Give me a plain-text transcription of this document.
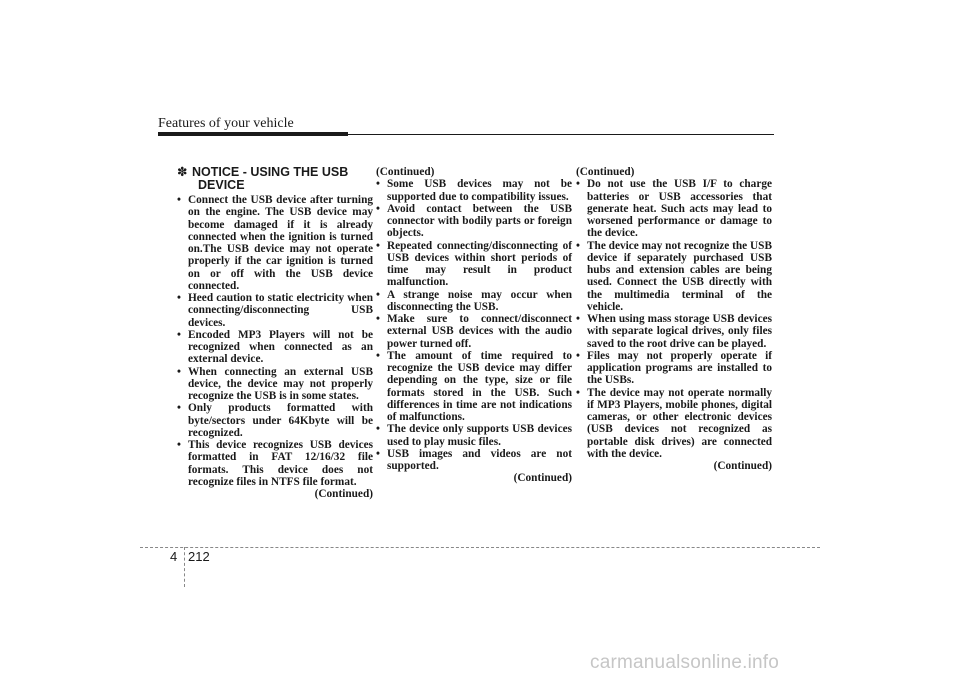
Features of your vehicle
✽ NOTICE - USING THE USB
DEVICE
• Connect the USB device after turning on the engine. The USB device may become damaged if it is already connected when the ignition is turned on.The USB device may not operate properly if the car ignition is turned on or off with the USB device connected.
• Heed caution to static electricity when connecting/disconnecting USB devices.
• Encoded MP3 Players will not be recognized when connected as an external device.
• When connecting an external USB device, the device may not properly recognize the USB is in some states.
• Only products formatted with byte/sectors under 64Kbyte will be recognized.
• This device recognizes USB devices formatted in FAT 12/16/32 file formats. This device does not recognize files in NTFS file format.
(Continued)
(Continued)
• Some USB devices may not be supported due to compatibility issues.
• Avoid contact between the USB connector with bodily parts or foreign objects.
• Repeated connecting/disconnecting of USB devices within short periods of time may result in product malfunction.
• A strange noise may occur when disconnecting the USB.
• Make sure to connect/disconnect external USB devices with the audio power turned off.
• The amount of time required to recognize the USB device may differ depending on the type, size or file formats stored in the USB. Such differences in time are not indications of malfunctions.
• The device only supports USB devices used to play music files.
• USB images and videos are not supported.
(Continued)
(Continued)
• Do not use the USB I/F to charge batteries or USB accessories that generate heat. Such acts may lead to worsened performance or damage to the device.
• The device may not recognize the USB device if separately purchased USB hubs and extension cables are being used. Connect the USB directly with the multimedia terminal of the vehicle.
• When using mass storage USB devices with separate logical drives, only files saved to the root drive can be played.
• Files may not properly operate if application programs are installed to the USBs.
• The device may not operate normally if MP3 Players, mobile phones, digital cameras, or other electronic devices (USB devices not recognized as portable disk drives) are connected with the device.
(Continued)
4 212
carmanualsonline.info
